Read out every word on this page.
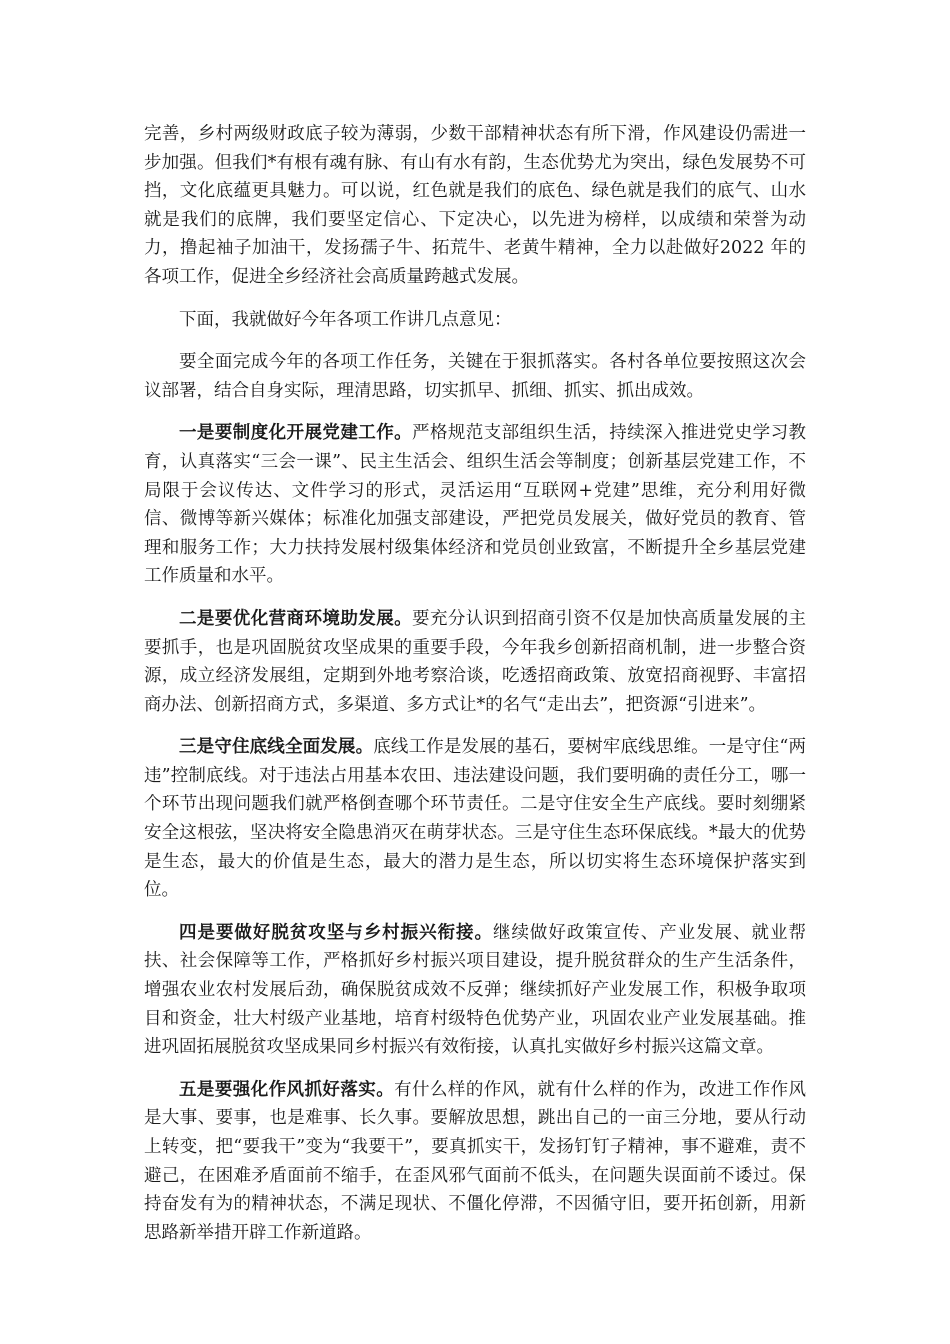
完善，乡村两级财政底子较为薄弱，少数干部精神状态有所下滑，作风建设仍需进一步加强。但我们*有根有魂有脉、有山有水有韵，生态优势尤为突出，绿色发展势不可挡，文化底蕴更具魅力。可以说，红色就是我们的底色、绿色就是我们的底气、山水就是我们的底牌，我们要坚定信心、下定决心，以先进为榜样，以成绩和荣誉为动力，撸起袖子加油干，发扬孺子牛、拓荒牛、老黄牛精神，全力以赴做好2022 年的各项工作，促进全乡经济社会高质量跨越式发展。

下面，我就做好今年各项工作讲几点意见：

要全面完成今年的各项工作任务，关键在于狠抓落实。各村各单位要按照这次会议部署，结合自身实际，理清思路，切实抓早、抓细、抓实、抓出成效。

一是要制度化开展党建工作。严格规范支部组织生活，持续深入推进党史学习教育，认真落实“三会一课”、民主生活会、组织生活会等制度；创新基层党建工作，不局限于会议传达、文件学习的形式，灵活运用“互联网+党建”思维，充分利用好微信、微博等新兴媒体；标准化加强支部建设，严把党员发展关，做好党员的教育、管理和服务工作；大力扶持发展村级集体经济和党员创业致富，不断提升全乡基层党建工作质量和水平。

二是要优化营商环境助发展。要充分认识到招商引资不仅是加快高质量发展的主要抓手，也是巩固脱贫攻坚成果的重要手段，今年我乡创新招商机制，进一步整合资源，成立经济发展组，定期到外地考察洽谈，吃透招商政策、放宽招商视野、丰富招商办法、创新招商方式，多渠道、多方式让*的名气“走出去”，把资源“引进来”。

三是守住底线全面发展。底线工作是发展的基石，要树牢底线思维。一是守住“两违”控制底线。对于违法占用基本农田、违法建设问题，我们要明确的责任分工，哪一个环节出现问题我们就严格倒查哪个环节责任。二是守住安全生产底线。要时刻绷紧安全这根弦，坚决将安全隐患消灭在萌芽状态。三是守住生态环保底线。*最大的优势是生态，最大的价值是生态，最大的潜力是生态，所以切实将生态环境保护落实到位。

四是要做好脱贫攻坚与乡村振兴衔接。继续做好政策宣传、产业发展、就业帮扶、社会保障等工作，严格抓好乡村振兴项目建设，提升脱贫群众的生产生活条件，增强农业农村发展后劲，确保脱贫成效不反弹；继续抓好产业发展工作，积极争取项目和资金，壮大村级产业基地，培育村级特色优势产业，巩固农业产业发展基础。推进巩固拓展脱贫攻坚成果同乡村振兴有效衔接，认真扎实做好乡村振兴这篇文章。

五是要强化作风抓好落实。有什么样的作风，就有什么样的作为，改进工作作风是大事、要事，也是难事、长久事。要解放思想，跳出自己的一亩三分地，要从行动上转变，把“要我干”变为“我要干”，要真抓实干，发扬钉钉子精神，事不避难，责不避己，在困难矛盾面前不缩手，在歪风邪气面前不低头，在问题失误面前不诿过。保持奋发有为的精神状态，不满足现状、不僵化停滞，不因循守旧，要开拓创新，用新思路新举措开辟工作新道路。
